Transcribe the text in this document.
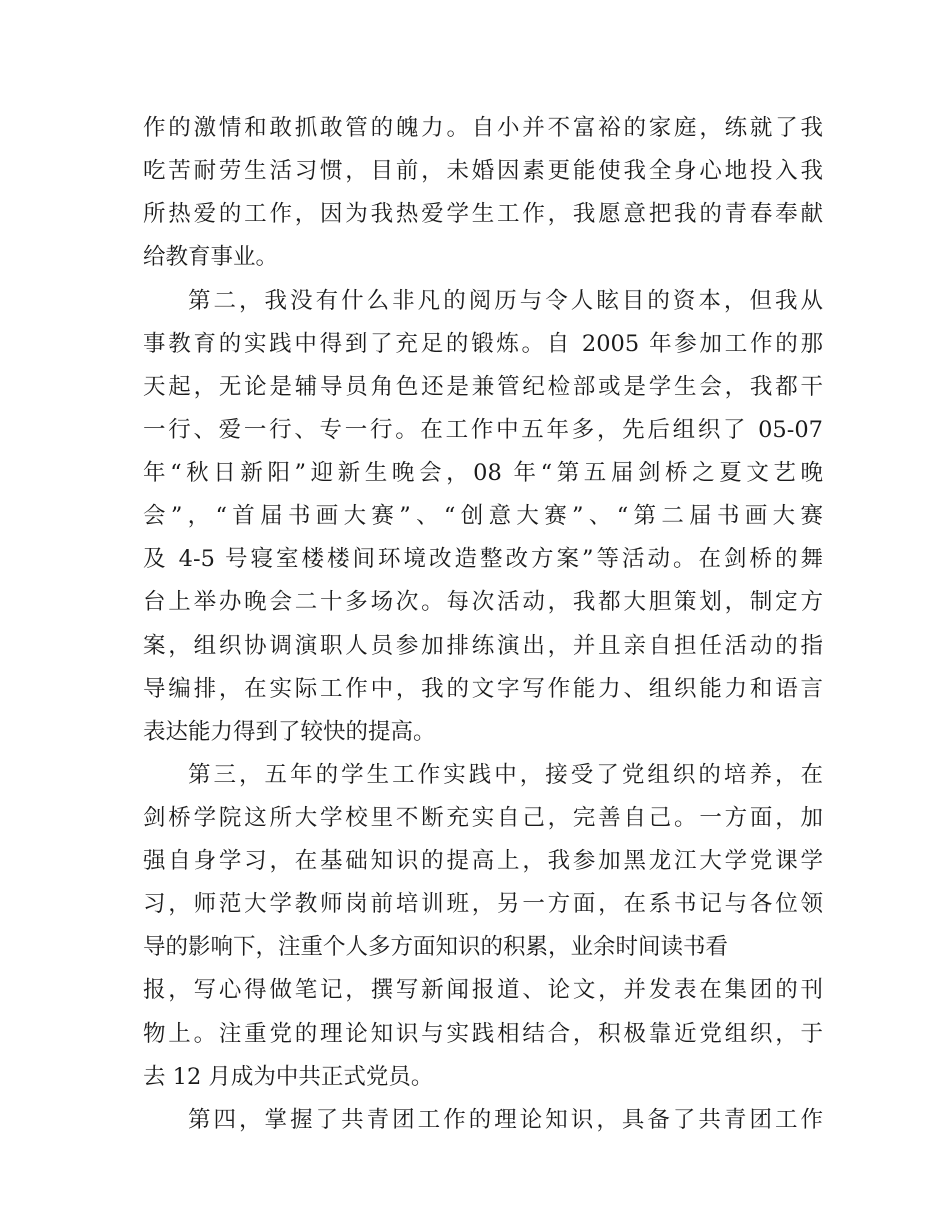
作的激情和敢抓敢管的魄力。自小并不富裕的家庭，练就了我
吃苦耐劳生活习惯，目前，未婚因素更能使我全身心地投入我
所热爱的工作，因为我热爱学生工作，我愿意把我的青春奉献
给教育事业。
第二，我没有什么非凡的阅历与令人眩目的资本，但我从
事教育的实践中得到了充足的锻炼。自 2005 年参加工作的那
天起，无论是辅导员角色还是兼管纪检部或是学生会，我都干
一行、爱一行、专一行。在工作中五年多，先后组织了 05-07
年“秋日新阳”迎新生晚会，08 年“第五届剑桥之夏文艺晚
会”，“首届书画大赛”、“创意大赛”、“第二届书画大赛
及 4-5 号寝室楼楼间环境改造整改方案”等活动。在剑桥的舞
台上举办晚会二十多场次。每次活动，我都大胆策划，制定方
案，组织协调演职人员参加排练演出，并且亲自担任活动的指
导编排，在实际工作中，我的文字写作能力、组织能力和语言
表达能力得到了较快的提高。
第三，五年的学生工作实践中，接受了党组织的培养，在
剑桥学院这所大学校里不断充实自己，完善自己。一方面，加
强自身学习，在基础知识的提高上，我参加黑龙江大学党课学
习，师范大学教师岗前培训班，另一方面，在系书记与各位领
导的影响下，注重个人多方面知识的积累，业余时间读书看
报，写心得做笔记，撰写新闻报道、论文，并发表在集团的刊
物上。注重党的理论知识与实践相结合，积极靠近党组织，于
去 12 月成为中共正式党员。
第四，掌握了共青团工作的理论知识，具备了共青团工作
